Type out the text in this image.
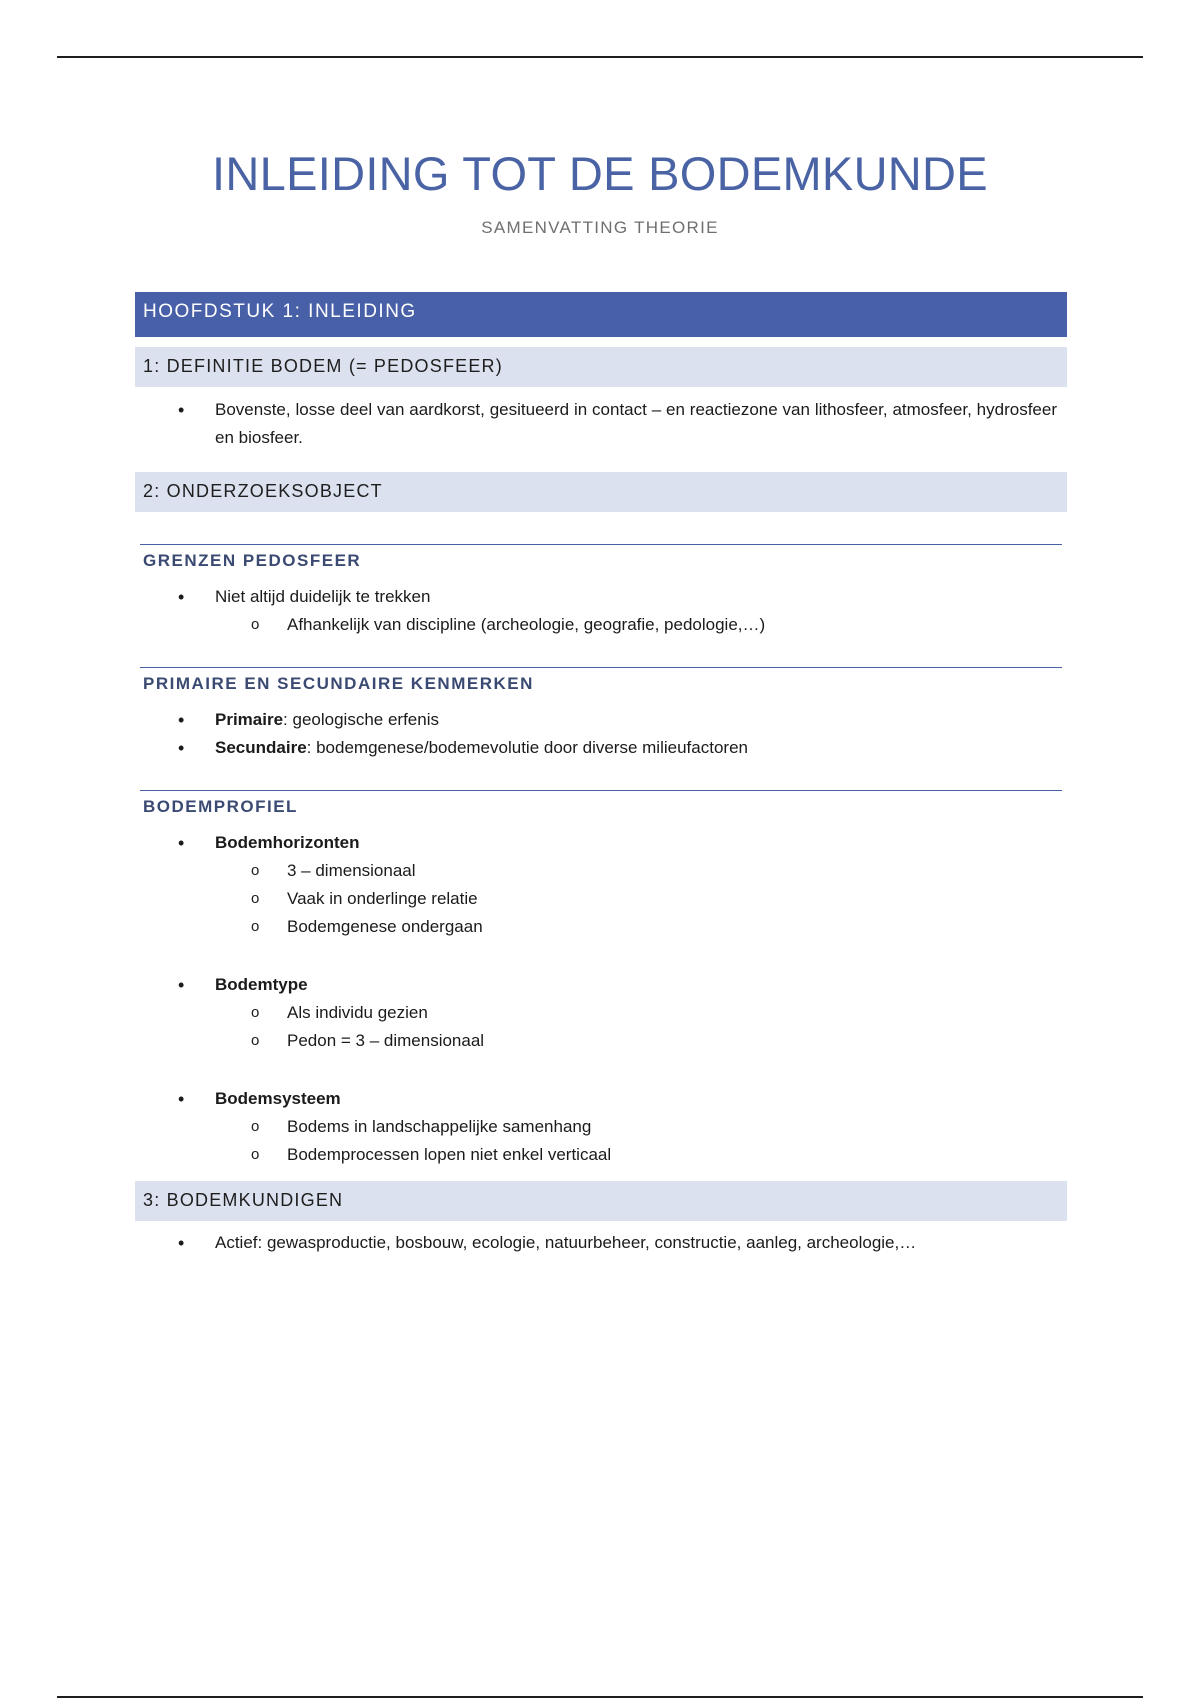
INLEIDING TOT DE BODEMKUNDE
SAMENVATTING THEORIE
HOOFDSTUK 1: INLEIDING
1: DEFINITIE BODEM (= PEDOSFEER)
• Bovenste, losse deel van aardkorst, gesitueerd in contact – en reactiezone van lithosfeer, atmosfeer, hydrosfeer en biosfeer.
2: ONDERZOEKSOBJECT
GRENZEN PEDOSFEER
• Niet altijd duidelijk te trekken
o Afhankelijk van discipline (archeologie, geografie, pedologie,…)
PRIMAIRE EN SECUNDAIRE KENMERKEN
• Primaire: geologische erfenis
• Secundaire: bodemgenese/bodemevolutie door diverse milieufactoren
BODEMPROFIEL
• Bodemhorizonten
o 3 – dimensionaal
o Vaak in onderlinge relatie
o Bodemgenese ondergaan
• Bodemtype
o Als individu gezien
o Pedon = 3 – dimensionaal
• Bodemsysteem
o Bodems in landschappelijke samenhang
o Bodemprocessen lopen niet enkel verticaal
3: BODEMKUNDIGEN
• Actief: gewasproductie, bosbouw, ecologie, natuurbeheer, constructie, aanleg, archeologie,…
